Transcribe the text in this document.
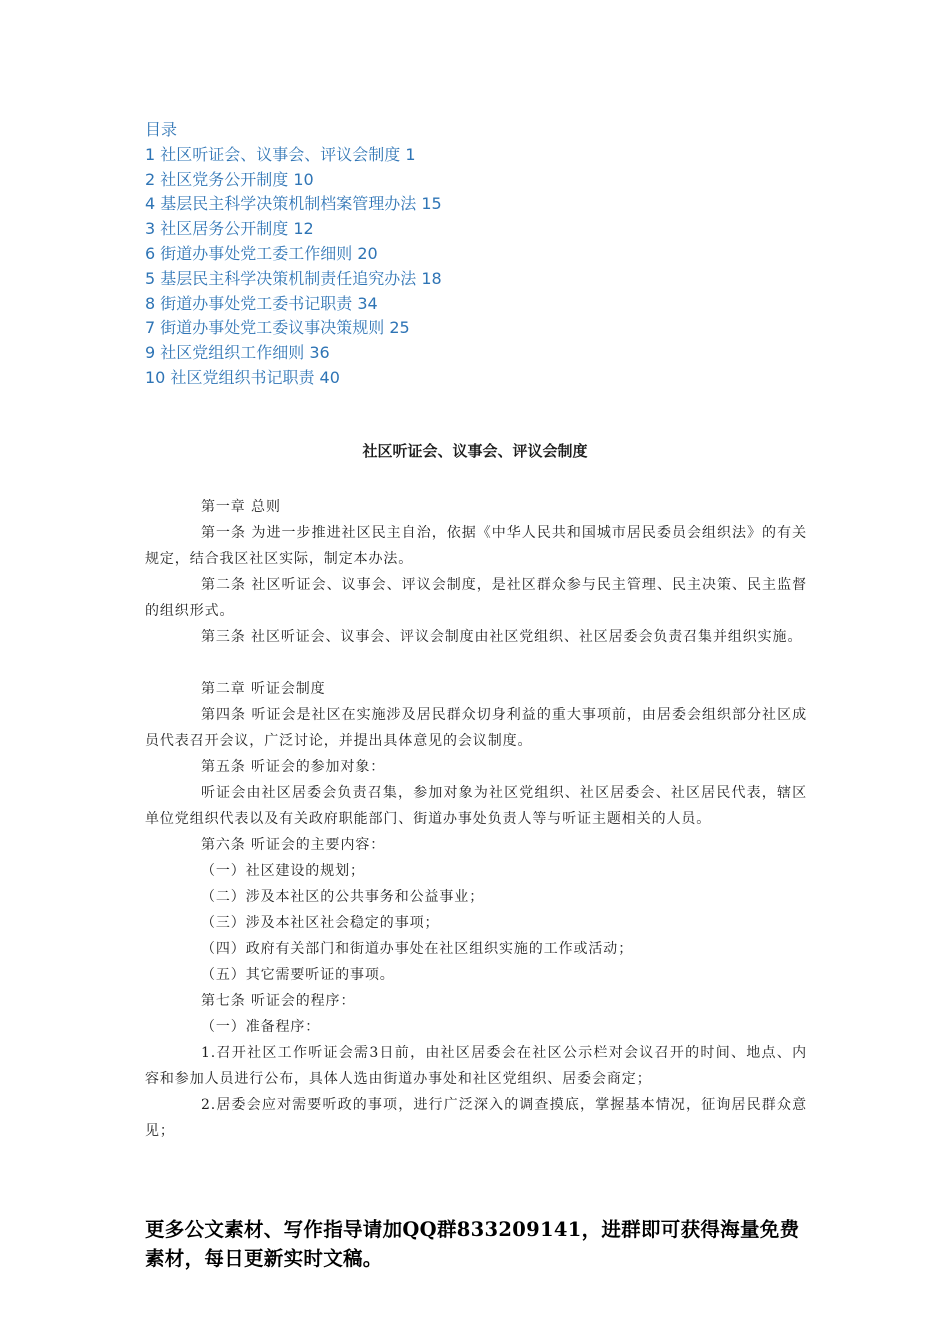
目录
1 社区听证会、议事会、评议会制度 1
2 社区党务公开制度 10
4 基层民主科学决策机制档案管理办法 15
3 社区居务公开制度 12
6 街道办事处党工委工作细则 20
5 基层民主科学决策机制责任追究办法 18
8 街道办事处党工委书记职责 34
7 街道办事处党工委议事决策规则 25
9 社区党组织工作细则 36
10 社区党组织书记职责 40
社区听证会、议事会、评议会制度

第一章 总则

第一条 为进一步推进社区民主自治，依据《中华人民共和国城市居民委员会组织法》的有关规定，结合我区社区实际，制定本办法。

第二条 社区听证会、议事会、评议会制度，是社区群众参与民主管理、民主决策、民主监督的组织形式。

第三条 社区听证会、议事会、评议会制度由社区党组织、社区居委会负责召集并组织实施。

第二章 听证会制度

第四条 听证会是社区在实施涉及居民群众切身利益的重大事项前，由居委会组织部分社区成员代表召开会议，广泛讨论，并提出具体意见的会议制度。

第五条 听证会的参加对象：

听证会由社区居委会负责召集，参加对象为社区党组织、社区居委会、社区居民代表，辖区单位党组织代表以及有关政府职能部门、街道办事处负责人等与听证主题相关的人员。

第六条 听证会的主要内容：

（一）社区建设的规划；

（二）涉及本社区的公共事务和公益事业；

（三）涉及本社区社会稳定的事项；

（四）政府有关部门和街道办事处在社区组织实施的工作或活动；

（五）其它需要听证的事项。

第七条 听证会的程序：

（一）准备程序：

1.召开社区工作听证会需3日前，由社区居委会在社区公示栏对会议召开的时间、地点、内容和参加人员进行公布，具体人选由街道办事处和社区党组织、居委会商定；

2.居委会应对需要听政的事项，进行广泛深入的调查摸底，掌握基本情况，征询居民群众意见；

更多公文素材、写作指导请加QQ群833209141，进群即可获得海量免费素材，每日更新实时文稿。
